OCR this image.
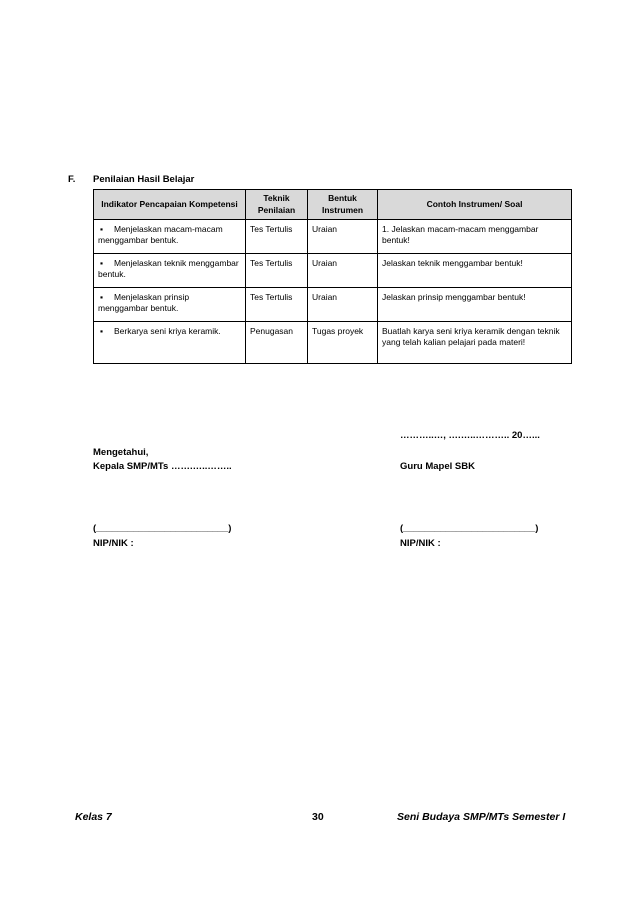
F. Penilaian Hasil Belajar
Indikator Pencapaian Kompetensi	Teknik Penilaian	Bentuk Instrumen	Contoh Instrumen/ Soal
▪ Menjelaskan macam-macam menggambar bentuk.	Tes Tertulis	Uraian	1. Jelaskan macam-macam menggambar bentuk!
▪ Menjelaskan teknik menggambar bentuk.	Tes Tertulis	Uraian	Jelaskan teknik menggambar bentuk!
▪ Menjelaskan prinsip menggambar bentuk.	Tes Tertulis	Uraian	Jelaskan prinsip menggambar bentuk!
▪ Berkarya seni kriya keramik.	Penugasan	Tugas proyek	Buatlah karya seni kriya keramik dengan teknik yang telah kalian pelajari pada materi!
………..…, ….…..……….. 20…...
Mengetahui,
Kepala SMP/MTs …….…..……..	Guru Mapel SBK
(_________________________)
NIP/NIK :
(_________________________)
NIP/NIK :
Kelas 7	30	Seni Budaya SMP/MTs Semester I
